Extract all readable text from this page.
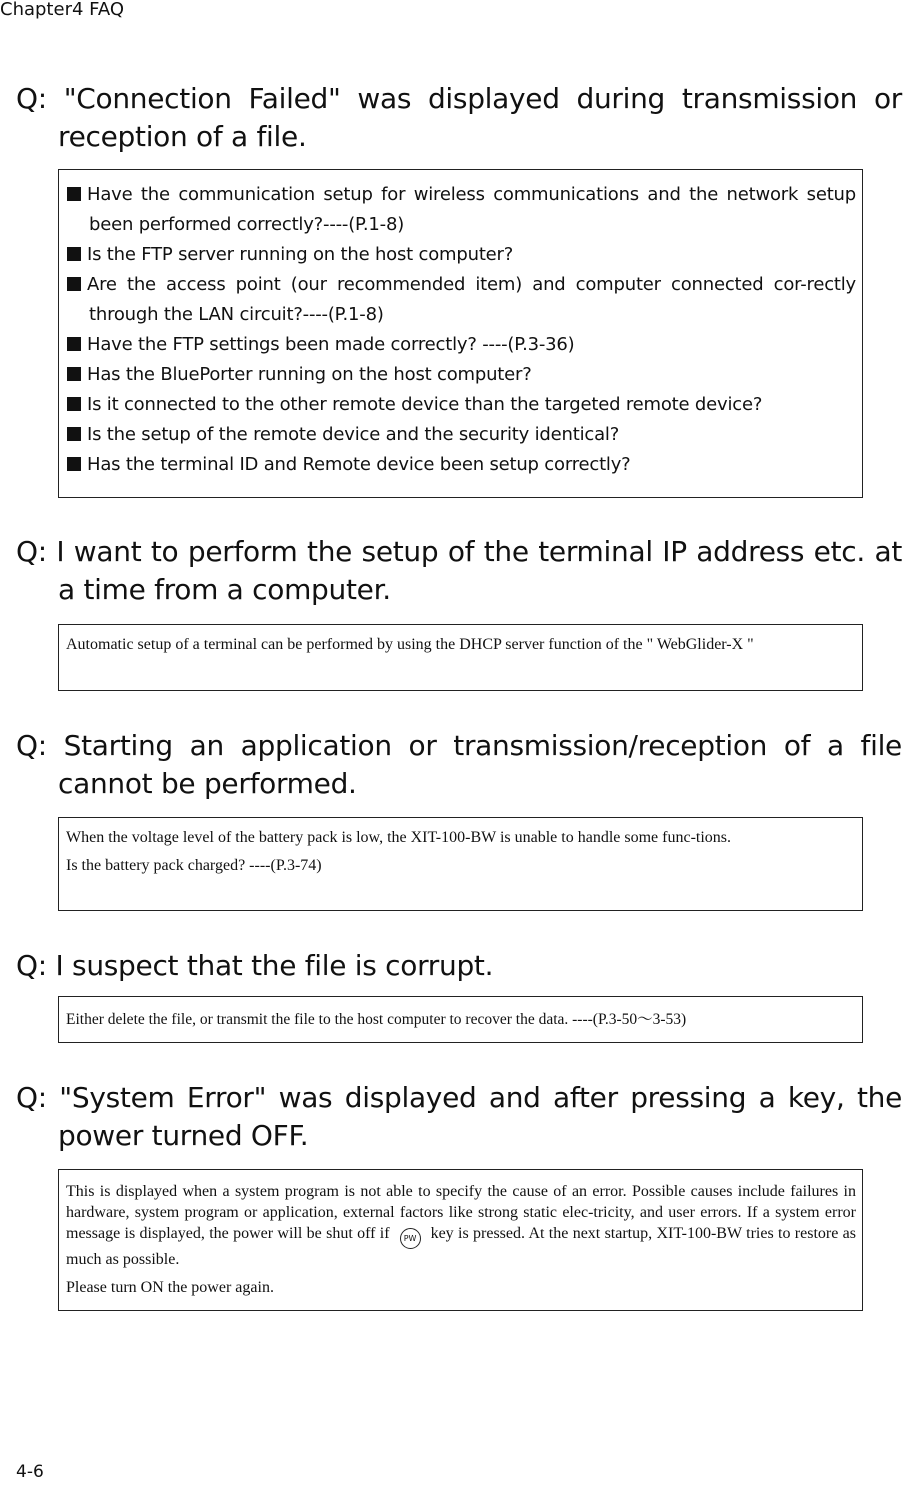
Chapter4 FAQ
Q: "Connection Failed" was displayed during transmission or reception of a file.
Have the communication setup for wireless communications and the network setup been performed correctly?----(P.1-8)
Is the FTP server running on the host computer?
Are the access point (our recommended item) and computer connected cor-rectly through the LAN circuit?----(P.1-8)
Have the FTP settings been made correctly? ----(P.3-36)
Has the BluePorter running on the host computer?
Is it connected to the other remote device than the targeted remote device?
Is the setup of the remote device and the security identical?
Has the terminal ID and Remote device been setup correctly?
Q: I want to perform the setup of the terminal IP address etc. at a time from a computer.

Automatic setup of a terminal can be performed by using the DHCP server function of the " WebGlider-X "

Q: Starting an application or transmission/reception of a file cannot be performed.

When the voltage level of the battery pack is low, the XIT-100-BW is unable to handle some func-tions.

Is the battery pack charged? ----(P.3-74)

Q: I suspect that the file is corrupt.

Either delete the file, or transmit the file to the host computer to recover the data. ----(P.3-50～3-53)

Q: "System Error" was displayed and after pressing a key, the power turned OFF.

This is displayed when a system program is not able to specify the cause of an error. Possible causes include failures in hardware, system program or application, external factors like strong static elec-tricity, and user errors. If a system error message is displayed, the power will be shut off if PW key is pressed. At the next startup, XIT-100-BW tries to restore as much as possible.

Please turn ON the power again.

4-6
